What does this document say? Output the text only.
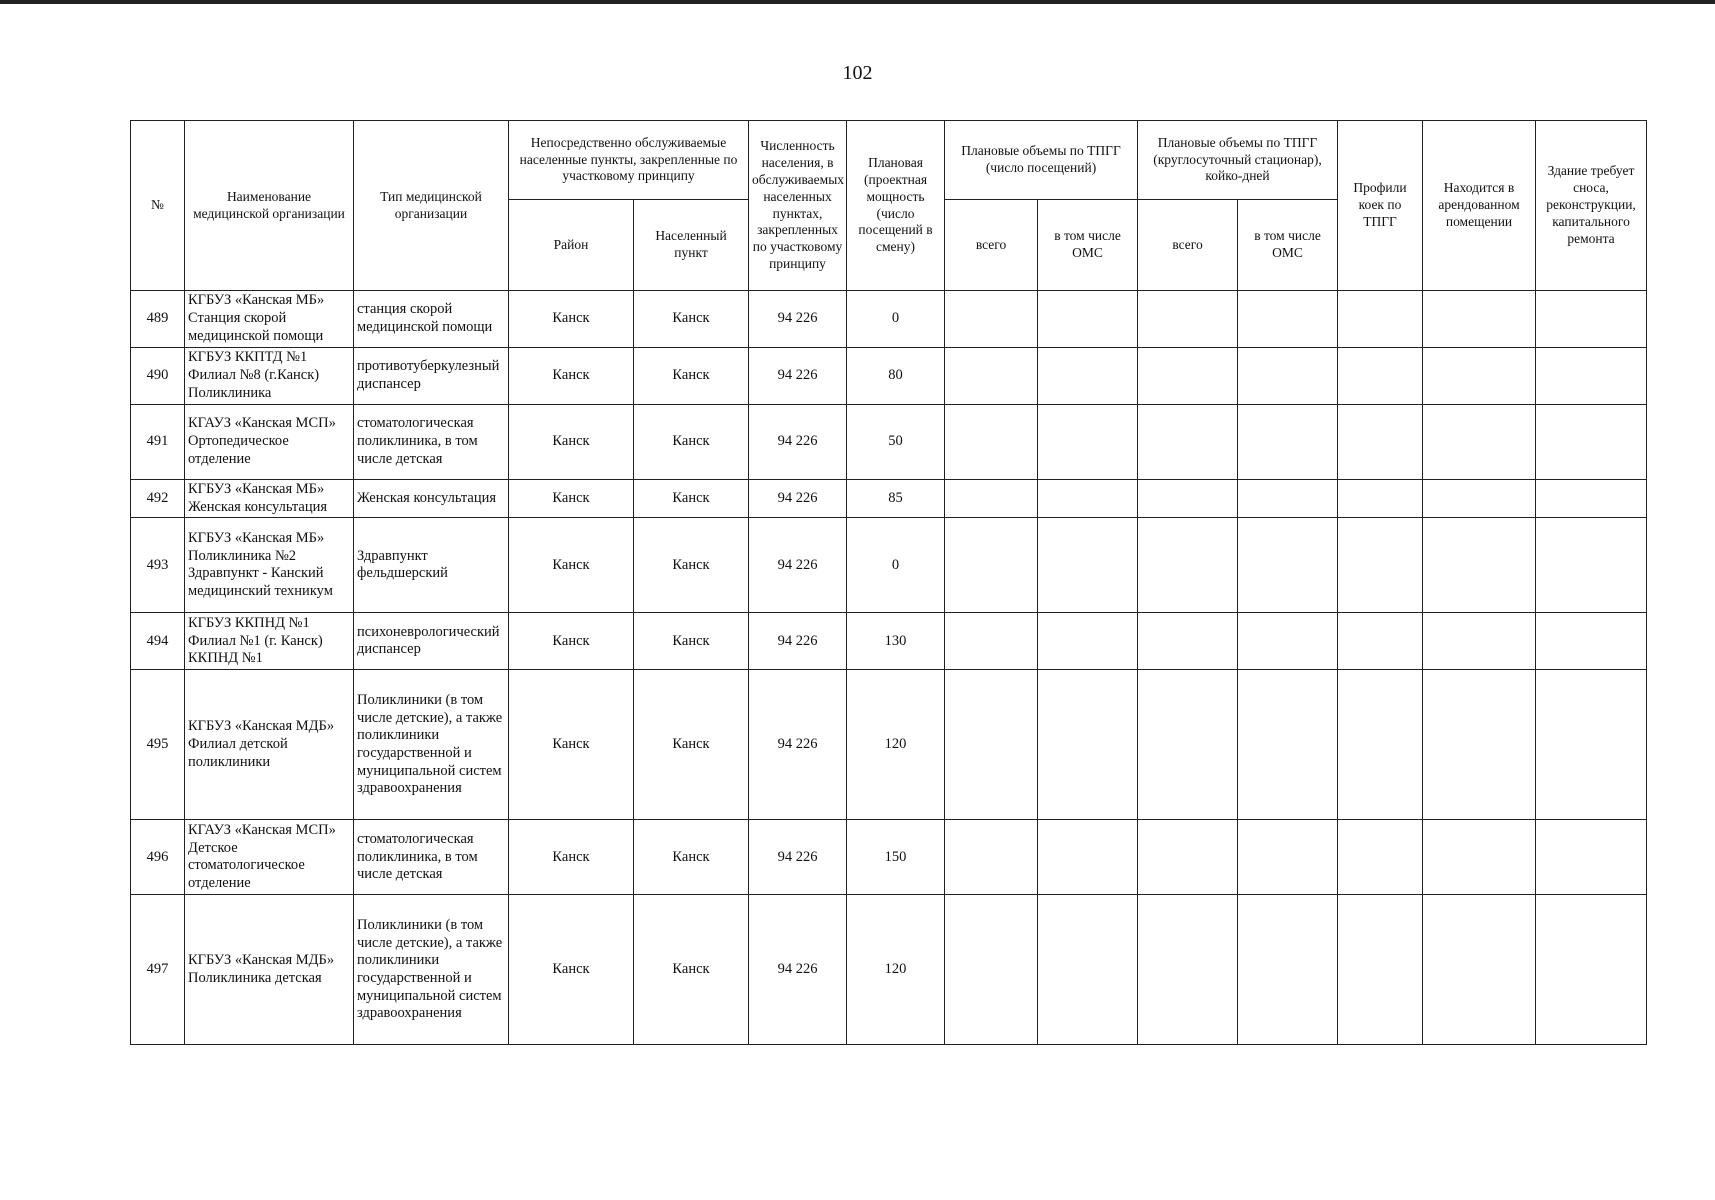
102
№	Наименование медицинской организации	Тип медицинской организации	Непосредственно обслуживаемые населенные пункты, закрепленные по участковому принципу		Численность населения, в обслуживаемых населенных пунктах, закрепленных по участковому принципу	Плановая (проектная мощность (число посещений в смену)	Плановые объемы по ТПГГ (число посещений)		Плановые объемы по ТПГГ (круглосуточный стационар), койко-дней		Профили коек по ТПГГ	Находится в арендованном помещении	Здание требует сноса, реконструкции, капитального ремонта
			Район	Населенный пункт			всего	в том числе ОМС	всего	в том числе ОМС			
489	КГБУЗ «Канская МБ» Станция скорой медицинской помощи	станция скорой медицинской помощи	Канск	Канск	94 226	0							
490	КГБУЗ ККПТД №1 Филиал №8 (г.Канск) Поликлиника	противотуберкулезный диспансер	Канск	Канск	94 226	80							
491	КГАУЗ «Канская МСП» Ортопедическое отделение	стоматологическая поликлиника, в том числе детская	Канск	Канск	94 226	50							
492	КГБУЗ «Канская МБ» Женская консультация	Женская консультация	Канск	Канск	94 226	85							
493	КГБУЗ «Канская МБ» Поликлиника №2 Здравпункт - Канский медицинский техникум	Здравпункт фельдшерский	Канск	Канск	94 226	0							
494	КГБУЗ ККПНД №1 Филиал №1 (г. Канск) ККПНД №1	психоневрологический диспансер	Канск	Канск	94 226	130							
495	КГБУЗ «Канская МДБ» Филиал детской поликлиники	Поликлиники (в том числе детские), а также поликлиники государственной и муниципальной систем здравоохранения	Канск	Канск	94 226	120							
496	КГАУЗ «Канская МСП» Детское стоматологическое отделение	стоматологическая поликлиника, в том числе детская	Канск	Канск	94 226	150							
497	КГБУЗ «Канская МДБ» Поликлиника детская	Поликлиники (в том числе детские), а также поликлиники государственной и муниципальной систем здравоохранения	Канск	Канск	94 226	120							
